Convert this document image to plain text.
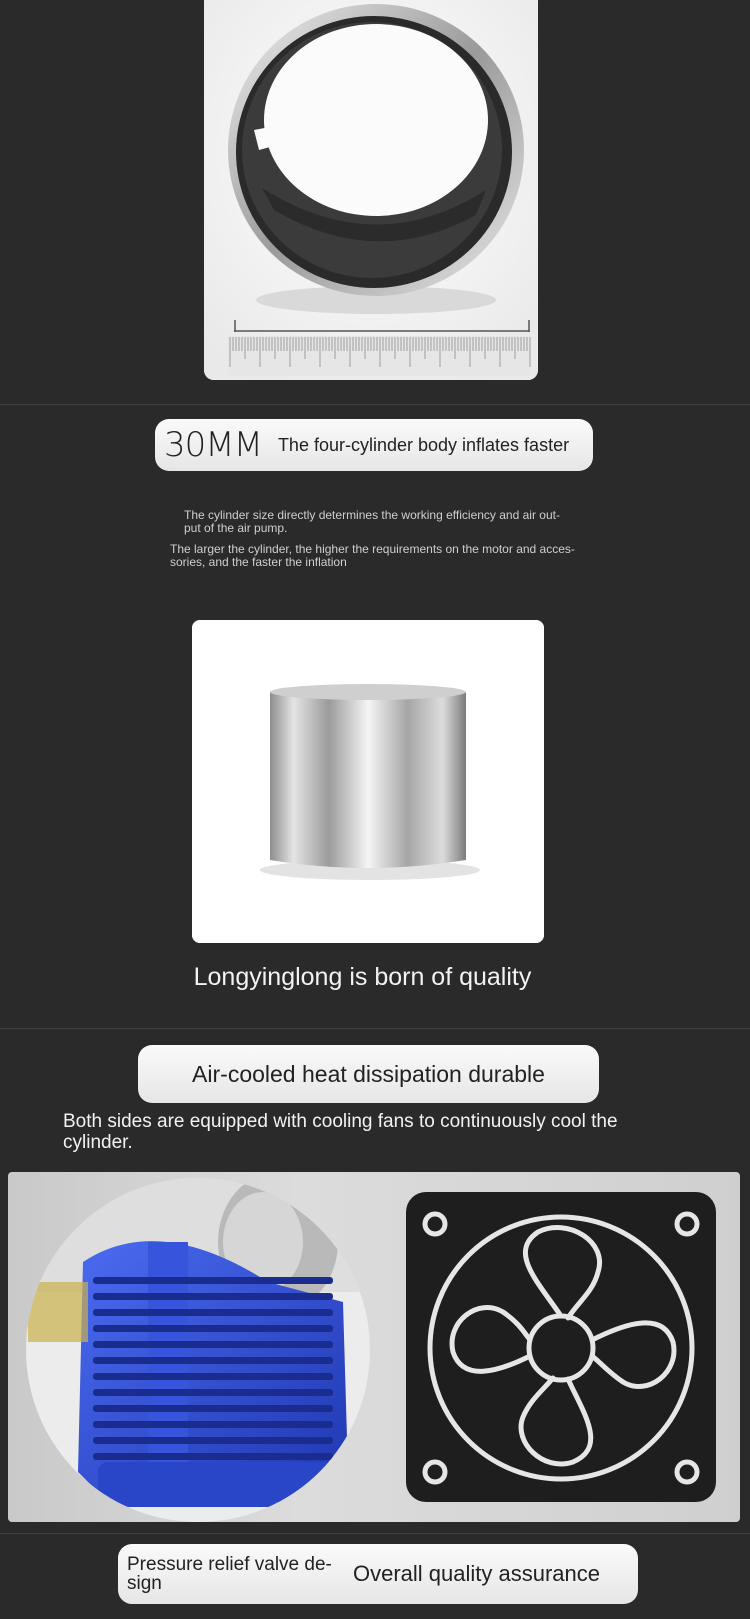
30MM The four-cylinder body inflates faster
The cylinder size directly determines the working efficiency and air out-
put of the air pump.
The larger the cylinder, the higher the requirements on the motor and acces-
sories, and the faster the inflation
Longyinglong is born of quality
Air-cooled heat dissipation durable
Both sides are equipped with cooling fans to continuously cool the cylinder.
Pressure relief valve de-
sign	Overall quality assurance
